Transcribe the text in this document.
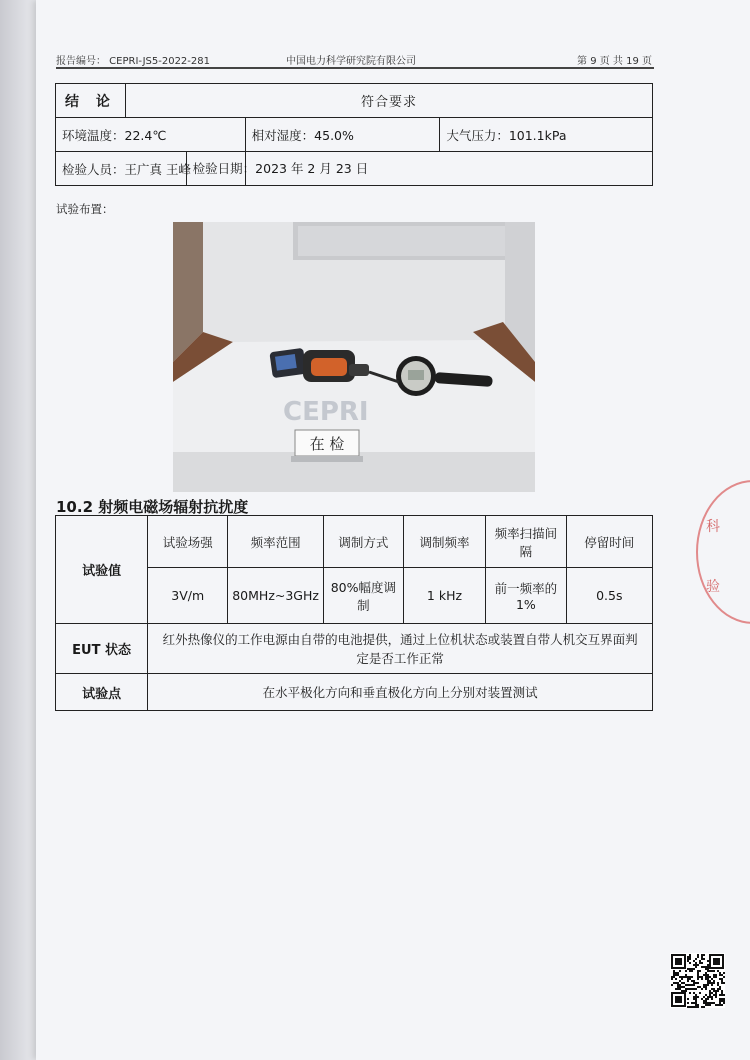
报告编号： CEPRI-JS5-2022-281	中国电力科学研究院有限公司	第 9 页 共 19 页
结 论	符合要求		
环境温度：22.4℃		相对湿度：45.0%	大气压力：101.1kPa
检验人员：王广真 王峰		检验日期：2023 年 2 月 23 日	
试验布置：
CEPRI
在 检
10.2 射频电磁场辐射抗扰度
试验值	试验场强	频率范围	调制方式	调制频率	频率扫描间隔	停留时间
	3V/m	80MHz~3GHz	80%幅度调制	1 kHz	前一频率的 1%	0.5s
EUT 状态	红外热像仪的工作电源由自带的电池提供，通过上位机状态或装置自带人机交互界面判定是否工作正常					
试验点	在水平极化方向和垂直极化方向上分别对装置测试					
科
验
